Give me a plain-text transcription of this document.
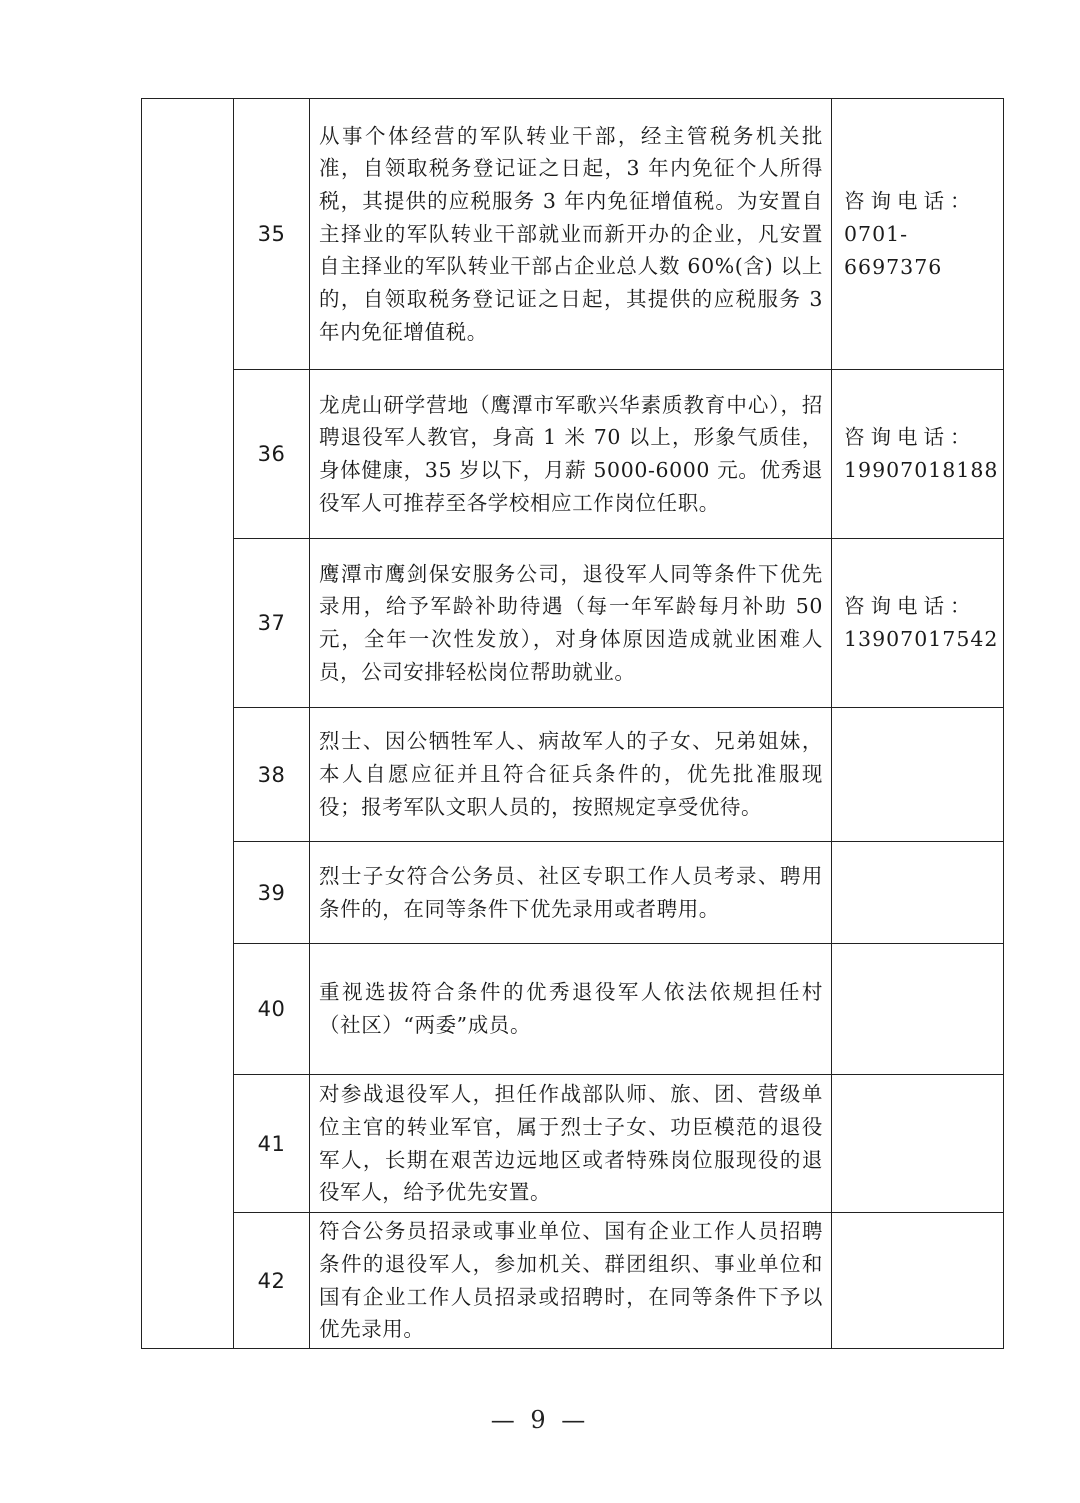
	35	从事个体经营的军队转业干部，经主管税务机关批准，自领取税务登记证之日起，3 年内免征个人所得税，其提供的应税服务 3 年内免征增值税。为安置自主择业的军队转业干部就业而新开办的企业，凡安置自主择业的军队转业干部占企业总人数 60%(含) 以上的，自领取税务登记证之日起，其提供的应税服务 3 年内免征增值税。	咨询电话：
0701-6697376

	36	龙虎山研学营地（鹰潭市军歌兴华素质教育中心），招聘退役军人教官，身高 1 米 70 以上，形象气质佳，身体健康，35 岁以下，月薪 5000-6000 元。优秀退役军人可推荐至各学校相应工作岗位任职。	咨询电话：
19907018188

	37	鹰潭市鹰剑保安服务公司，退役军人同等条件下优先录用，给予军龄补助待遇（每一年军龄每月补助 50 元，全年一次性发放），对身体原因造成就业困难人员，公司安排轻松岗位帮助就业。	咨询电话：
13907017542

	38	烈士、因公牺牲军人、病故军人的子女、兄弟姐妹，本人自愿应征并且符合征兵条件的，优先批准服现役；报考军队文职人员的，按照规定享受优待。	

	39	烈士子女符合公务员、社区专职工作人员考录、聘用条件的，在同等条件下优先录用或者聘用。	

	40	重视选拔符合条件的优秀退役军人依法依规担任村（社区）“两委”成员。	

	41	对参战退役军人，担任作战部队师、旅、团、营级单位主官的转业军官，属于烈士子女、功臣模范的退役军人，长期在艰苦边远地区或者特殊岗位服现役的退役军人，给予优先安置。	

	42	符合公务员招录或事业单位、国有企业工作人员招聘条件的退役军人，参加机关、群团组织、事业单位和国有企业工作人员招录或招聘时，在同等条件下予以优先录用。	
— 9 —
